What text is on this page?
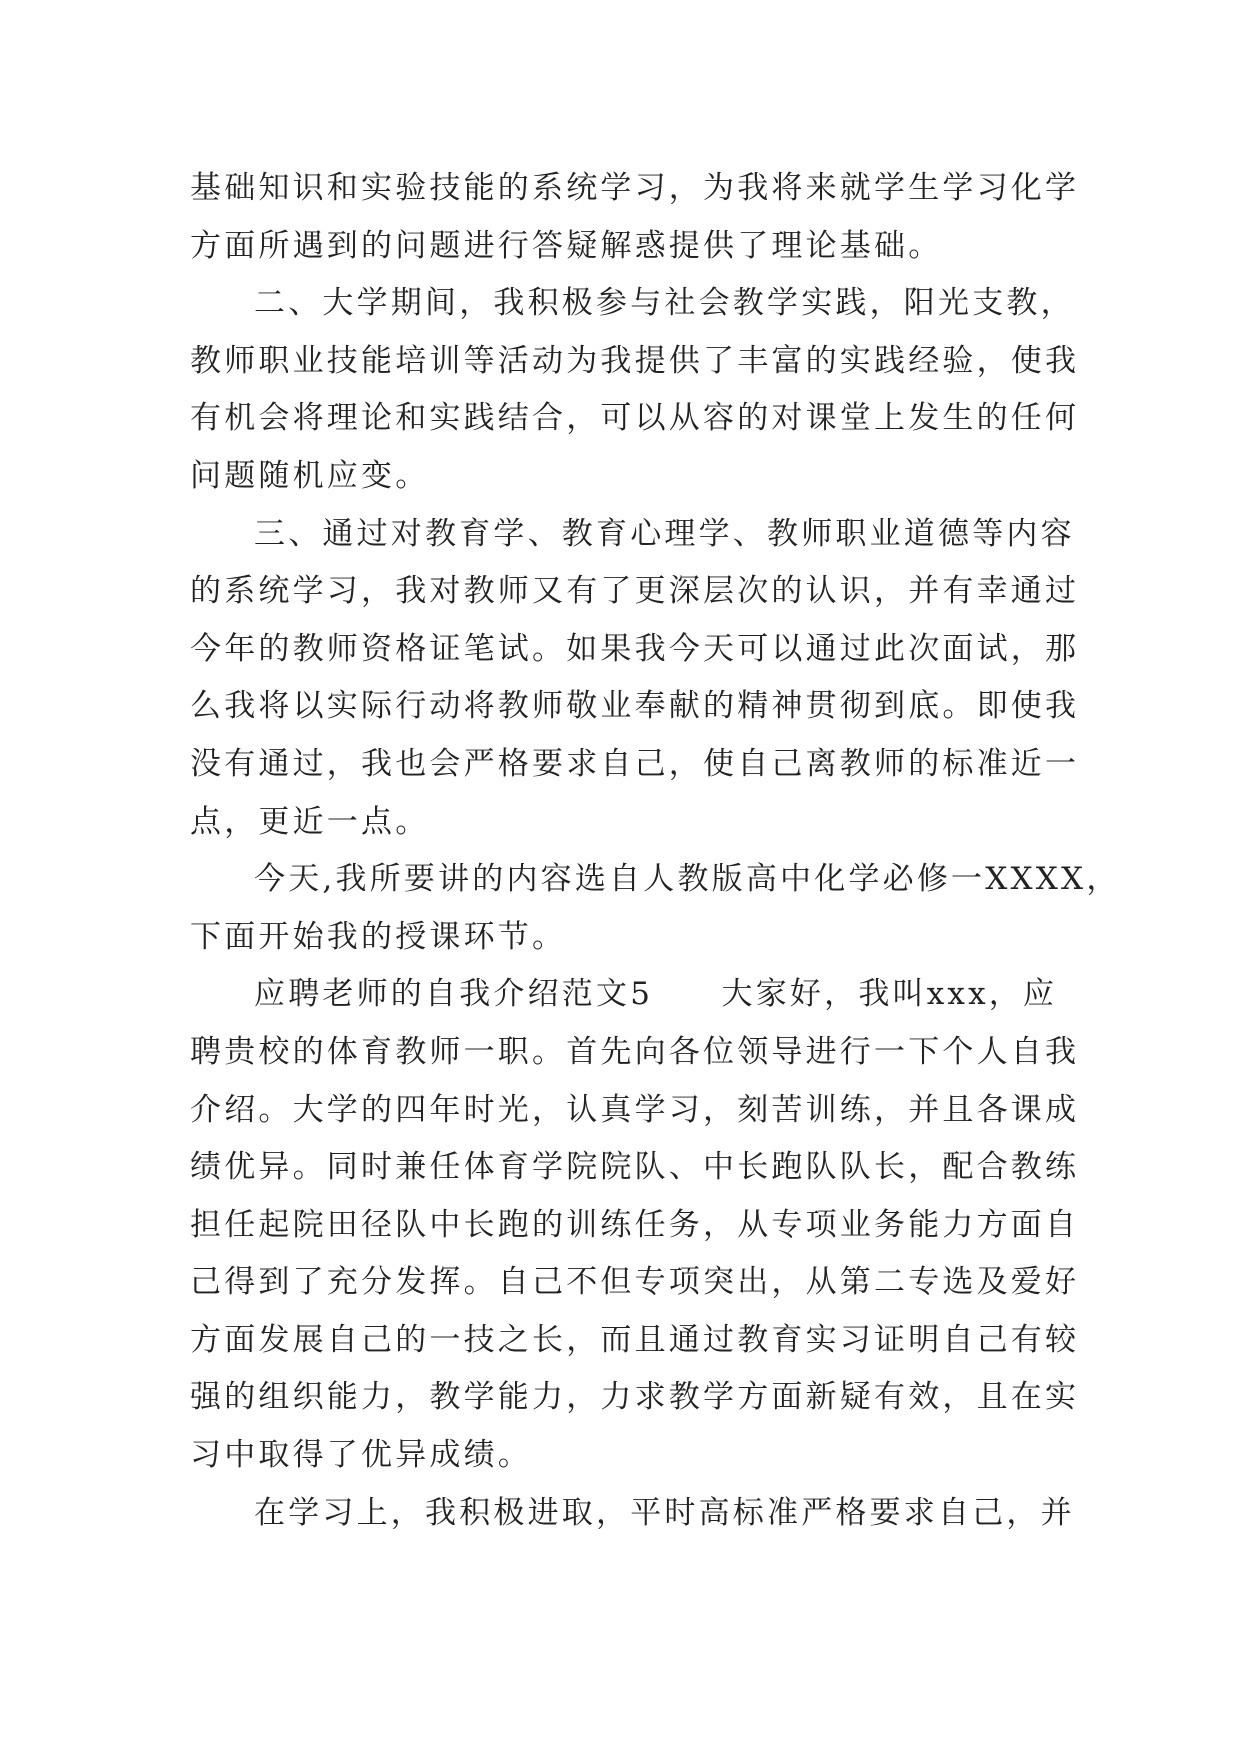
基础知识和实验技能的系统学习，为我将来就学生学习化学
方面所遇到的问题进行答疑解惑提供了理论基础。
二、大学期间，我积极参与社会教学实践，阳光支教，
教师职业技能培训等活动为我提供了丰富的实践经验，使我
有机会将理论和实践结合，可以从容的对课堂上发生的任何
问题随机应变。
三、通过对教育学、教育心理学、教师职业道德等内容
的系统学习，我对教师又有了更深层次的认识，并有幸通过
今年的教师资格证笔试。如果我今天可以通过此次面试，那
么我将以实际行动将教师敬业奉献的精神贯彻到底。即使我
没有通过，我也会严格要求自己，使自己离教师的标准近一
点，更近一点。
今天,我所要讲的内容选自人教版高中化学必修一XXXX，
下面开始我的授课环节。
应聘老师的自我介绍范文5　　大家好，我叫xxx，应
聘贵校的体育教师一职。首先向各位领导进行一下个人自我
介绍。大学的四年时光，认真学习，刻苦训练，并且各课成
绩优异。同时兼任体育学院院队、中长跑队队长，配合教练
担任起院田径队中长跑的训练任务，从专项业务能力方面自
己得到了充分发挥。自己不但专项突出，从第二专选及爱好
方面发展自己的一技之长，而且通过教育实习证明自己有较
强的组织能力，教学能力，力求教学方面新疑有效，且在实
习中取得了优异成绩。
在学习上，我积极进取，平时高标准严格要求自己，并
